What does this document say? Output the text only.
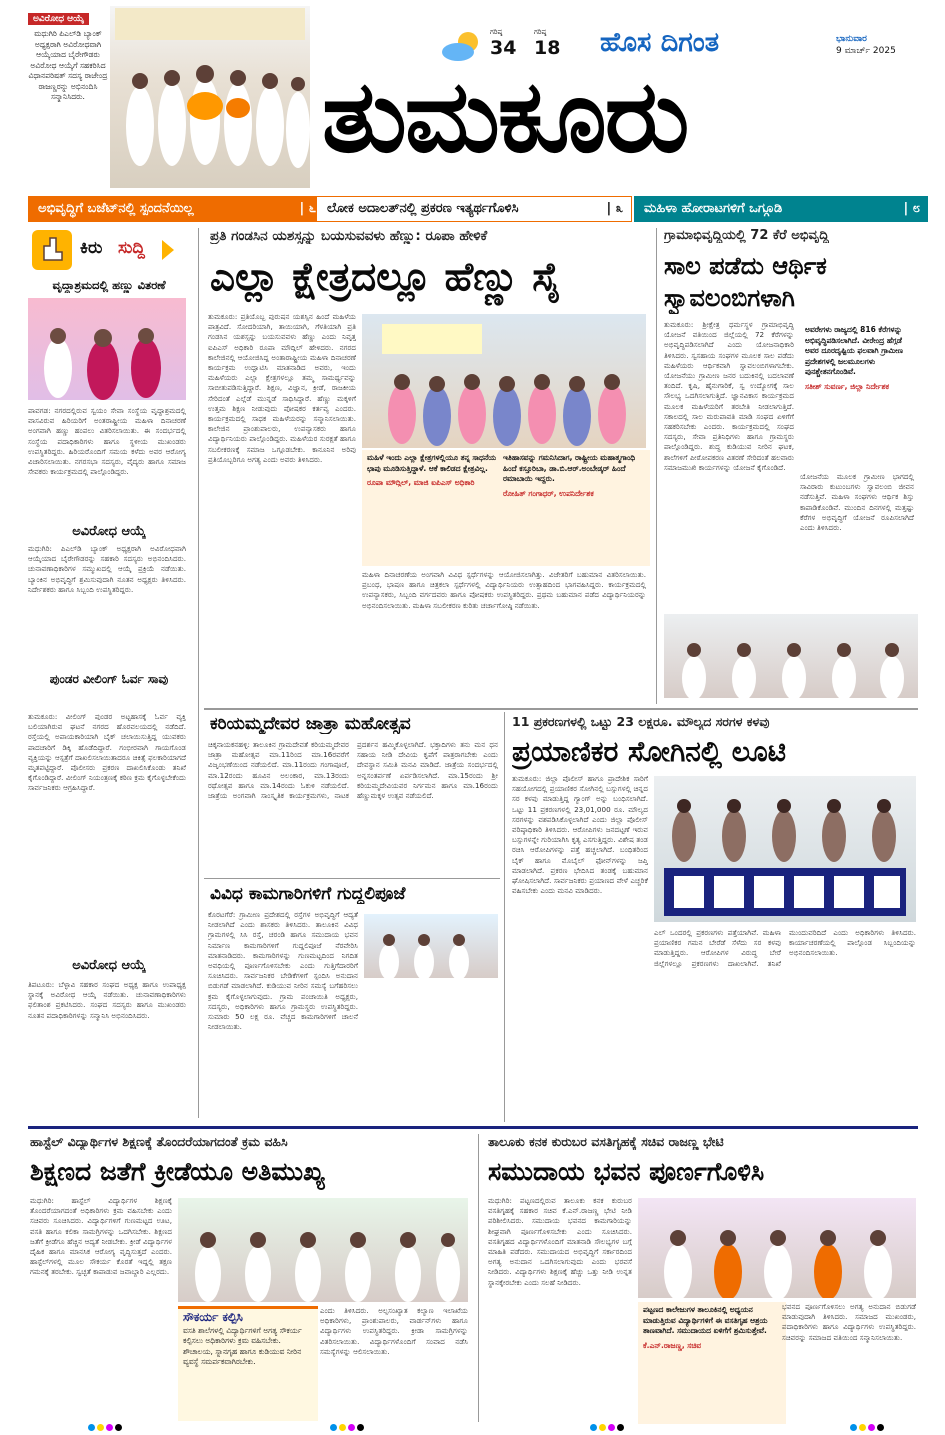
ಅವಿರೋಧ ಆಯ್ಕೆ
ಮಧುಗಿರಿ ಪಿಎಲ್‌ಡಿ ಬ್ಯಾಂಕ್ ಅಧ್ಯಕ್ಷರಾಗಿ ಅವಿರೋಧವಾಗಿ ಆಯ್ಕೆಯಾದ ಬೈರೇಗೌಡರು ಅವಿರೋಧ ಆಯ್ಕೆಗೆ ಸಹಕರಿಸಿದ ವಿಧಾನಪರಿಷತ್ ಸದಸ್ಯ ರಾಜೇಂದ್ರ ರಾಜಣ್ಣರನ್ನು ಅಭಿನಂದಿಸಿ ಸನ್ಮಾನಿಸಿದರು.
ಗರಿಷ್ಠ
34
ಗರಿಷ್ಠ
18 ಹೊಸ ದಿಗಂತ	ಭಾನುವಾರ
9 ಮಾರ್ಚ್ 2025
ತುಮಕೂರು
ಅಭಿವೃದ್ಧಿಗೆ ಬಜೆಟ್‌ನಲ್ಲಿ ಸ್ಪಂದನೆಯಿಲ್ಲ	| ೬ ಲೋಕ ಅದಾಲತ್‌ನಲ್ಲಿ ಪ್ರಕರಣ ಇತ್ಯರ್ಥಗೊಳಿಸಿ	| ೩	ಮಹಿಳಾ ಹೋರಾಟಗಳಿಗೆ ಒಗ್ಗೂಡಿ	| ೮
ಕಿರು ಸುದ್ದಿ
ವೃದ್ಧಾಶ್ರಮದಲ್ಲಿ ಹಣ್ಣು ವಿತರಣೆ
ಪಾವಗಡ: ನಗರದಲ್ಲಿರುವ ಸ್ವಯಂ ಸೇವಾ ಸಂಸ್ಥೆಯ ವೃದ್ಧಾಶ್ರಮದಲ್ಲಿ ವಾಸವಿರುವ ಹಿರಿಯರಿಗೆ ಅಂತರಾಷ್ಟ್ರೀಯ ಮಹಿಳಾ ದಿನಾಚರಣೆ ಅಂಗವಾಗಿ ಹಣ್ಣು ಹಂಪಲು ವಿತರಿಸಲಾಯಿತು. ಈ ಸಂದರ್ಭದಲ್ಲಿ ಸಂಸ್ಥೆಯ ಪದಾಧಿಕಾರಿಗಳು ಹಾಗೂ ಸ್ಥಳೀಯ ಮುಖಂಡರು ಉಪಸ್ಥಿತರಿದ್ದರು. ಹಿರಿಯರೊಂದಿಗೆ ಸಮಯ ಕಳೆದು ಅವರ ಆರೋಗ್ಯ ವಿಚಾರಿಸಲಾಯಿತು. ನಗರಸಭಾ ಸದಸ್ಯರು, ವೈದ್ಯರು ಹಾಗೂ ಸಮಾಜ ಸೇವಕರು ಕಾರ್ಯಕ್ರಮದಲ್ಲಿ ಪಾಲ್ಗೊಂಡಿದ್ದರು.
ಅವಿರೋಧ ಆಯ್ಕೆ
ಮಧುಗಿರಿ: ಪಿಎಲ್‌ಡಿ ಬ್ಯಾಂಕ್ ಅಧ್ಯಕ್ಷರಾಗಿ ಅವಿರೋಧವಾಗಿ ಆಯ್ಕೆಯಾದ ಬೈರೇಗೌಡರನ್ನು ಸಹಕಾರಿ ಸದಸ್ಯರು ಅಭಿನಂದಿಸಿದರು. ಚುನಾವಣಾಧಿಕಾರಿಗಳ ಸಮ್ಮುಖದಲ್ಲಿ ಆಯ್ಕೆ ಪ್ರಕ್ರಿಯೆ ನಡೆಯಿತು. ಬ್ಯಾಂಕಿನ ಅಭಿವೃದ್ಧಿಗೆ ಶ್ರಮಿಸುವುದಾಗಿ ನೂತನ ಅಧ್ಯಕ್ಷರು ತಿಳಿಸಿದರು. ನಿರ್ದೇಶಕರು ಹಾಗೂ ಸಿಬ್ಬಂದಿ ಉಪಸ್ಥಿತರಿದ್ದರು.
ಪುಂಡರ ವೀಲಿಂಗ್ ಓರ್ವ ಸಾವು
ತುಮಕೂರು: ವೀಲಿಂಗ್ ಪುಂಡರ ಅಟ್ಟಹಾಸಕ್ಕೆ ಓರ್ವ ವ್ಯಕ್ತಿ ಬಲಿಯಾಗಿರುವ ಘಟನೆ ನಗರದ ಹೊರವಲಯದಲ್ಲಿ ನಡೆದಿದೆ. ರಸ್ತೆಯಲ್ಲಿ ಅಪಾಯಕಾರಿಯಾಗಿ ಬೈಕ್ ಚಲಾಯಿಸುತ್ತಿದ್ದ ಯುವಕರು ಪಾದಚಾರಿಗೆ ಡಿಕ್ಕಿ ಹೊಡೆದಿದ್ದಾರೆ. ಗಂಭೀರವಾಗಿ ಗಾಯಗೊಂಡ ವ್ಯಕ್ತಿಯನ್ನು ಆಸ್ಪತ್ರೆಗೆ ದಾಖಲಿಸಲಾಯಿತಾದರೂ ಚಿಕಿತ್ಸೆ ಫಲಕಾರಿಯಾಗದೆ ಮೃತಪಟ್ಟಿದ್ದಾರೆ. ಪೊಲೀಸರು ಪ್ರಕರಣ ದಾಖಲಿಸಿಕೊಂಡು ತನಿಖೆ ಕೈಗೊಂಡಿದ್ದಾರೆ. ವೀಲಿಂಗ್ ನಿಯಂತ್ರಣಕ್ಕೆ ಕಠಿಣ ಕ್ರಮ ಕೈಗೊಳ್ಳಬೇಕೆಂದು ಸಾರ್ವಜನಿಕರು ಆಗ್ರಹಿಸಿದ್ದಾರೆ.
ಅವಿರೋಧ ಆಯ್ಕೆ
ತಿಪಟೂರು: ಬೆಳ್ಳಾವಿ ಸಹಕಾರ ಸಂಘದ ಅಧ್ಯಕ್ಷ ಹಾಗೂ ಉಪಾಧ್ಯಕ್ಷ ಸ್ಥಾನಕ್ಕೆ ಅವಿರೋಧ ಆಯ್ಕೆ ನಡೆಯಿತು. ಚುನಾವಣಾಧಿಕಾರಿಗಳು ಫಲಿತಾಂಶ ಪ್ರಕಟಿಸಿದರು. ಸಂಘದ ಸದಸ್ಯರು ಹಾಗೂ ಮುಖಂಡರು ನೂತನ ಪದಾಧಿಕಾರಿಗಳನ್ನು ಸನ್ಮಾನಿಸಿ ಅಭಿನಂದಿಸಿದರು.
ಪ್ರತಿ ಗಂಡಸಿನ ಯಶಸ್ಸನ್ನು ಬಯಸುವವಳು ಹೆಣ್ಣು: ರೂಪಾ ಹೇಳಿಕೆ
ಎಲ್ಲಾ ಕ್ಷೇತ್ರದಲ್ಲೂ ಹೆಣ್ಣು ಸೈ
ತುಮಕೂರು: ಪ್ರತಿಯೊಬ್ಬ ಪುರುಷನ ಯಶಸ್ಸಿನ ಹಿಂದೆ ಮಹಿಳೆಯ ಪಾತ್ರವಿದೆ. ಸೋದರಿಯಾಗಿ, ತಾಯಿಯಾಗಿ, ಗೆಳತಿಯಾಗಿ ಪ್ರತಿ ಗಂಡಸಿನ ಯಶಸ್ಸನ್ನು ಬಯಸುವವಳು ಹೆಣ್ಣು ಎಂದು ನಿವೃತ್ತ ಐಪಿಎಸ್ ಅಧಿಕಾರಿ ರೂಪಾ ಮೌದ್ಗಿಲ್ ಹೇಳಿದರು. ನಗರದ ಕಾಲೇಜಿನಲ್ಲಿ ಆಯೋಜಿಸಿದ್ದ ಅಂತಾರಾಷ್ಟ್ರೀಯ ಮಹಿಳಾ ದಿನಾಚರಣೆ ಕಾರ್ಯಕ್ರಮ ಉದ್ಘಾಟಿಸಿ ಮಾತನಾಡಿದ ಅವರು, ಇಂದು ಮಹಿಳೆಯರು ಎಲ್ಲಾ ಕ್ಷೇತ್ರಗಳಲ್ಲೂ ತಮ್ಮ ಸಾಮರ್ಥ್ಯವನ್ನು ಸಾಬೀತುಪಡಿಸುತ್ತಿದ್ದಾರೆ. ಶಿಕ್ಷಣ, ವಿಜ್ಞಾನ, ಕ್ರೀಡೆ, ರಾಜಕೀಯ ಸೇರಿದಂತೆ ಎಲ್ಲೆಡೆ ಮುನ್ನಡೆ ಸಾಧಿಸಿದ್ದಾರೆ. ಹೆಣ್ಣು ಮಕ್ಕಳಿಗೆ ಉತ್ತಮ ಶಿಕ್ಷಣ ನೀಡುವುದು ಪೋಷಕರ ಕರ್ತವ್ಯ ಎಂದರು. ಕಾರ್ಯಕ್ರಮದಲ್ಲಿ ಸಾಧಕ ಮಹಿಳೆಯರನ್ನು ಸನ್ಮಾನಿಸಲಾಯಿತು. ಕಾಲೇಜಿನ ಪ್ರಾಂಶುಪಾಲರು, ಉಪನ್ಯಾಸಕರು ಹಾಗೂ ವಿದ್ಯಾರ್ಥಿನಿಯರು ಪಾಲ್ಗೊಂಡಿದ್ದರು. ಮಹಿಳೆಯರ ಸುರಕ್ಷತೆ ಹಾಗೂ ಸಬಲೀಕರಣಕ್ಕೆ ಸಮಾಜ ಒಗ್ಗೂಡಬೇಕು. ಕಾನೂನಿನ ಅರಿವು ಪ್ರತಿಯೊಬ್ಬರಿಗೂ ಅಗತ್ಯ ಎಂದು ಅವರು ತಿಳಿಸಿದರು.	ಮಹಿಳೆ ಇಂದು ಎಲ್ಲಾ ಕ್ಷೇತ್ರಗಳಲ್ಲಿಯೂ ತನ್ನ ಸಾಧನೆಯ ಛಾಪು ಮೂಡಿಸುತ್ತಿದ್ದಾಳೆ. ಆಕೆ ಕಾಲಿಡದ ಕ್ಷೇತ್ರವಿಲ್ಲ.
ರೂಪಾ ಮೌದ್ಗಿಲ್, ಮಾಜಿ ಐಪಿಎಸ್ ಅಧಿಕಾರಿ
ಇತಿಹಾಸವನ್ನು ಗಮನಿಸಿದಾಗ, ರಾಷ್ಟ್ರೀಯ ಮಹಾತ್ಮಗಾಂಧಿ ಹಿಂದೆ ಕಸ್ತೂರಿಬಾ, ಡಾ.ಬಿ.ಆರ್.ಅಂಬೇಡ್ಕರ್ ಹಿಂದೆ ರಮಾಬಾಯಿ ಇದ್ದರು.
ರೋಹಿತ್ ಗಂಗಾಧರ್, ಉಪನಿರ್ದೇಶಕ
ಮಹಿಳಾ ದಿನಾಚರಣೆಯ ಅಂಗವಾಗಿ ವಿವಿಧ ಸ್ಪರ್ಧೆಗಳನ್ನು ಆಯೋಜಿಸಲಾಗಿತ್ತು. ವಿಜೇತರಿಗೆ ಬಹುಮಾನ ವಿತರಿಸಲಾಯಿತು. ಪ್ರಬಂಧ, ಭಾಷಣ ಹಾಗೂ ಚಿತ್ರಕಲಾ ಸ್ಪರ್ಧೆಗಳಲ್ಲಿ ವಿದ್ಯಾರ್ಥಿನಿಯರು ಉತ್ಸಾಹದಿಂದ ಭಾಗವಹಿಸಿದ್ದರು. ಕಾರ್ಯಕ್ರಮದಲ್ಲಿ ಉಪನ್ಯಾಸಕರು, ಸಿಬ್ಬಂದಿ ವರ್ಗದವರು ಹಾಗೂ ಪೋಷಕರು ಉಪಸ್ಥಿತರಿದ್ದರು. ಪ್ರಥಮ ಬಹುಮಾನ ಪಡೆದ ವಿದ್ಯಾರ್ಥಿನಿಯರನ್ನು ಅಭಿನಂದಿಸಲಾಯಿತು. ಮಹಿಳಾ ಸಬಲೀಕರಣ ಕುರಿತು ಚರ್ಚಾಗೋಷ್ಠಿ ನಡೆಯಿತು.
ಗ್ರಾಮಾಭಿವೃದ್ಧಿಯಲ್ಲಿ 72 ಕೆರೆ ಅಭಿವೃದ್ಧಿ
ಸಾಲ ಪಡೆದು ಆರ್ಥಿಕ
ಸ್ವಾವಲಂಬಿಗಳಾಗಿ
ತುಮಕೂರು: ಶ್ರೀಕ್ಷೇತ್ರ ಧರ್ಮಸ್ಥಳ ಗ್ರಾಮಾಭಿವೃದ್ಧಿ ಯೋಜನೆ ವತಿಯಿಂದ ಜಿಲ್ಲೆಯಲ್ಲಿ 72 ಕೆರೆಗಳನ್ನು ಅಭಿವೃದ್ಧಿಪಡಿಸಲಾಗಿದೆ ಎಂದು ಯೋಜನಾಧಿಕಾರಿ ತಿಳಿಸಿದರು. ಸ್ವಸಹಾಯ ಸಂಘಗಳ ಮೂಲಕ ಸಾಲ ಪಡೆದು ಮಹಿಳೆಯರು ಆರ್ಥಿಕವಾಗಿ ಸ್ವಾವಲಂಬಿಗಳಾಗಬೇಕು. ಯೋಜನೆಯು ಗ್ರಾಮೀಣ ಜನರ ಬದುಕಿನಲ್ಲಿ ಬದಲಾವಣೆ ತಂದಿದೆ. ಕೃಷಿ, ಹೈನುಗಾರಿಕೆ, ಸ್ವ ಉದ್ಯೋಗಕ್ಕೆ ಸಾಲ ಸೌಲಭ್ಯ ಒದಗಿಸಲಾಗುತ್ತಿದೆ. ಜ್ಞಾನವಿಕಾಸ ಕಾರ್ಯಕ್ರಮದ ಮೂಲಕ ಮಹಿಳೆಯರಿಗೆ ತರಬೇತಿ ನೀಡಲಾಗುತ್ತಿದೆ. ಸಕಾಲದಲ್ಲಿ ಸಾಲ ಮರುಪಾವತಿ ಮಾಡಿ ಸಂಘದ ಏಳಿಗೆಗೆ ಸಹಕರಿಸಬೇಕು ಎಂದರು. ಕಾರ್ಯಕ್ರಮದಲ್ಲಿ ಸಂಘದ ಸದಸ್ಯರು, ಸೇವಾ ಪ್ರತಿನಿಧಿಗಳು ಹಾಗೂ ಗ್ರಾಮಸ್ಥರು ಪಾಲ್ಗೊಂಡಿದ್ದರು. ಶುದ್ಧ ಕುಡಿಯುವ ನೀರಿನ ಘಟಕ, ಶಾಲೆಗಳಿಗೆ ಪೀಠೋಪಕರಣ ವಿತರಣೆ ಸೇರಿದಂತೆ ಹಲವಾರು ಸಮಾಜಮುಖಿ ಕಾರ್ಯಗಳನ್ನು ಯೋಜನೆ ಕೈಗೊಂಡಿದೆ.
ಅವರೇಗಳು ರಾಜ್ಯದಲ್ಲಿ 816 ಕೆರೆಗಳನ್ನು ಅಭಿವೃದ್ಧಿಪಡಿಸಲಾಗಿದೆ. ವೀರೇಂದ್ರ ಹೆಗ್ಗಡೆ ಅವರ ದೂರದೃಷ್ಟಿಯ ಫಲವಾಗಿ ಗ್ರಾಮೀಣ ಪ್ರದೇಶಗಳಲ್ಲಿ ಜಲಮೂಲಗಳು ಪುನಶ್ಚೇತನಗೊಂಡಿವೆ.
ಸತೀಶ್ ಸುವರ್ಣ, ಜಿಲ್ಲಾ ನಿರ್ದೇಶಕ
ಯೋಜನೆಯ ಮೂಲಕ ಗ್ರಾಮೀಣ ಭಾಗದಲ್ಲಿ ಸಾವಿರಾರು ಕುಟುಂಬಗಳು ಸ್ವಾವಲಂಬಿ ಜೀವನ ನಡೆಸುತ್ತಿವೆ. ಮಹಿಳಾ ಸಂಘಗಳು ಆರ್ಥಿಕ ಶಿಸ್ತು ಕಾಪಾಡಿಕೊಂಡಿವೆ. ಮುಂದಿನ ದಿನಗಳಲ್ಲಿ ಮತ್ತಷ್ಟು ಕೆರೆಗಳ ಅಭಿವೃದ್ಧಿಗೆ ಯೋಜನೆ ರೂಪಿಸಲಾಗಿದೆ ಎಂದು ತಿಳಿಸಿದರು.
ಕರಿಯಮ್ಮದೇವರ ಜಾತ್ರಾ ಮಹೋತ್ಸವ
ಚಿಕ್ಕನಾಯಕನಹಳ್ಳಿ: ತಾಲೂಕಿನ ಗ್ರಾಮದೇವತೆ ಕರಿಯಮ್ಮದೇವರ ಜಾತ್ರಾ ಮಹೋತ್ಸವ ಮಾ.11ರಿಂದ ಮಾ.16ರವರೆಗೆ ವಿಜೃಂಭಣೆಯಿಂದ ನಡೆಯಲಿದೆ. ಮಾ.11ರಂದು ಗಂಗಾಪೂಜೆ, ಮಾ.12ರಂದು ಹೂವಿನ ಅಲಂಕಾರ, ಮಾ.13ರಂದು ರಥೋತ್ಸವ ಹಾಗೂ ಮಾ.14ರಂದು ಓಕುಳಿ ನಡೆಯಲಿದೆ. ಜಾತ್ರೆಯ ಅಂಗವಾಗಿ ಸಾಂಸ್ಕೃತಿಕ ಕಾರ್ಯಕ್ರಮಗಳು, ನಾಟಕ ಪ್ರದರ್ಶನ ಹಮ್ಮಿಕೊಳ್ಳಲಾಗಿದೆ. ಭಕ್ತಾದಿಗಳು ತನು ಮನ ಧನ ಸಹಾಯ ನೀಡಿ ದೇವಿಯ ಕೃಪೆಗೆ ಪಾತ್ರರಾಗಬೇಕು ಎಂದು ದೇವಸ್ಥಾನ ಸಮಿತಿ ಮನವಿ ಮಾಡಿದೆ. ಜಾತ್ರೆಯ ಸಂದರ್ಭದಲ್ಲಿ ಅನ್ನಸಂತರ್ಪಣೆ ಏರ್ಪಡಿಸಲಾಗಿದೆ. ಮಾ.15ರಂದು ಶ್ರೀ ಕರಿಯಮ್ಮದೇವಿಯವರ ನಿರ್ಗಮನ ಹಾಗೂ ಮಾ.16ರಂದು ಹೆಣ್ಣುಮಕ್ಕಳ ಉತ್ಸವ ನಡೆಯಲಿದೆ.
ವಿವಿಧ ಕಾಮಗಾರಿಗಳಿಗೆ ಗುದ್ದಲಿಪೂಜೆ
ಕೊರಟಗೆರೆ: ಗ್ರಾಮೀಣ ಪ್ರದೇಶದಲ್ಲಿ ರಸ್ತೆಗಳ ಅಭಿವೃದ್ಧಿಗೆ ಆದ್ಯತೆ ನೀಡಲಾಗಿದೆ ಎಂದು ಶಾಸಕರು ತಿಳಿಸಿದರು. ತಾಲೂಕಿನ ವಿವಿಧ ಗ್ರಾಮಗಳಲ್ಲಿ ಸಿಸಿ ರಸ್ತೆ, ಚರಂಡಿ ಹಾಗೂ ಸಮುದಾಯ ಭವನ ನಿರ್ಮಾಣ ಕಾಮಗಾರಿಗಳಿಗೆ ಗುದ್ದಲಿಪೂಜೆ ನೆರವೇರಿಸಿ ಮಾತನಾಡಿದರು. ಕಾಮಗಾರಿಗಳನ್ನು ಗುಣಮಟ್ಟದಿಂದ ನಿಗದಿತ ಅವಧಿಯಲ್ಲಿ ಪೂರ್ಣಗೊಳಿಸಬೇಕು ಎಂದು ಗುತ್ತಿಗೆದಾರರಿಗೆ ಸೂಚಿಸಿದರು. ಸಾರ್ವಜನಿಕರ ಬೇಡಿಕೆಗಳಿಗೆ ಸ್ಪಂದಿಸಿ ಅನುದಾನ ಬಿಡುಗಡೆ ಮಾಡಲಾಗಿದೆ. ಕುಡಿಯುವ ನೀರಿನ ಸಮಸ್ಯೆ ಬಗೆಹರಿಸಲು ಕ್ರಮ ಕೈಗೊಳ್ಳಲಾಗುವುದು. ಗ್ರಾಮ ಪಂಚಾಯಿತಿ ಅಧ್ಯಕ್ಷರು, ಸದಸ್ಯರು, ಅಧಿಕಾರಿಗಳು ಹಾಗೂ ಗ್ರಾಮಸ್ಥರು ಉಪಸ್ಥಿತರಿದ್ದರು. ಸುಮಾರು 50 ಲಕ್ಷ ರೂ. ವೆಚ್ಚದ ಕಾಮಗಾರಿಗಳಿಗೆ ಚಾಲನೆ ನೀಡಲಾಯಿತು.
11 ಪ್ರಕರಣಗಳಲ್ಲಿ ಒಟ್ಟು 23 ಲಕ್ಷರೂ. ಮೌಲ್ಯದ ಸರಗಳ ಕಳವು
ಪ್ರಯಾಣಿಕರ ಸೋಗಿನಲ್ಲಿ ಲೂಟಿ
ತುಮಕೂರು: ಜಿಲ್ಲಾ ಪೊಲೀಸ್ ಹಾಗೂ ಪ್ರಾದೇಶಿಕ ಸಾರಿಗೆ ಸಹಯೋಗದಲ್ಲಿ ಪ್ರಯಾಣಿಕರ ಸೋಗಿನಲ್ಲಿ ಬಸ್ಸುಗಳಲ್ಲಿ ಚಿನ್ನದ ಸರ ಕಳವು ಮಾಡುತ್ತಿದ್ದ ಗ್ಯಾಂಗ್ ಅನ್ನು ಬಂಧಿಸಲಾಗಿದೆ. ಒಟ್ಟು 11 ಪ್ರಕರಣಗಳಲ್ಲಿ 23,01,000 ರೂ. ಮೌಲ್ಯದ ಸರಗಳನ್ನು ವಶಪಡಿಸಿಕೊಳ್ಳಲಾಗಿದೆ ಎಂದು ಜಿಲ್ಲಾ ಪೊಲೀಸ್ ವರಿಷ್ಠಾಧಿಕಾರಿ ತಿಳಿಸಿದರು. ಆರೋಪಿಗಳು ಜನದಟ್ಟಣೆ ಇರುವ ಬಸ್ಸುಗಳನ್ನೇ ಗುರಿಯಾಗಿಸಿ ಕೃತ್ಯ ಎಸಗುತ್ತಿದ್ದರು. ವಿಶೇಷ ತಂಡ ರಚಿಸಿ ಆರೋಪಿಗಳನ್ನು ಪತ್ತೆ ಹಚ್ಚಲಾಗಿದೆ. ಬಂಧಿತರಿಂದ ಬೈಕ್ ಹಾಗೂ ಮೊಬೈಲ್ ಫೋನ್‌ಗಳನ್ನು ಜಪ್ತಿ ಮಾಡಲಾಗಿದೆ. ಪ್ರಕರಣ ಭೇದಿಸಿದ ತಂಡಕ್ಕೆ ಬಹುಮಾನ ಘೋಷಿಸಲಾಗಿದೆ. ಸಾರ್ವಜನಿಕರು ಪ್ರಯಾಣದ ವೇಳೆ ಎಚ್ಚರಿಕೆ ವಹಿಸಬೇಕು ಎಂದು ಮನವಿ ಮಾಡಿದರು.
ಎಲ್ ಒಂದರಲ್ಲಿ ಪ್ರಕರಣಗಳು ಪತ್ತೆಯಾಗಿವೆ. ಮಹಿಳಾ ಪ್ರಯಾಣಿಕರ ಗಮನ ಬೇರೆಡೆ ಸೆಳೆದು ಸರ ಕಳವು ಮಾಡುತ್ತಿದ್ದರು. ಆರೋಪಿಗಳ ವಿರುದ್ಧ ಬೇರೆ ಜಿಲ್ಲೆಗಳಲ್ಲೂ ಪ್ರಕರಣಗಳು ದಾಖಲಾಗಿವೆ. ತನಿಖೆ ಮುಂದುವರಿದಿದೆ ಎಂದು ಅಧಿಕಾರಿಗಳು ತಿಳಿಸಿದರು. ಕಾರ್ಯಾಚರಣೆಯಲ್ಲಿ ಪಾಲ್ಗೊಂಡ ಸಿಬ್ಬಂದಿಯನ್ನು ಅಭಿನಂದಿಸಲಾಯಿತು.
ಹಾಸ್ಟೆಲ್ ವಿದ್ಯಾರ್ಥಿಗಳ ಶಿಕ್ಷಣಕ್ಕೆ ತೊಂದರೆಯಾಗದಂತೆ ಕ್ರಮ ವಹಿಸಿ
ಶಿಕ್ಷಣದ ಜತೆಗೆ ಕ್ರೀಡೆಯೂ ಅತಿಮುಖ್ಯ
ಮಧುಗಿರಿ: ಹಾಸ್ಟೆಲ್ ವಿದ್ಯಾರ್ಥಿಗಳ ಶಿಕ್ಷಣಕ್ಕೆ ತೊಂದರೆಯಾಗದಂತೆ ಅಧಿಕಾರಿಗಳು ಕ್ರಮ ವಹಿಸಬೇಕು ಎಂದು ಸಚಿವರು ಸೂಚಿಸಿದರು. ವಿದ್ಯಾರ್ಥಿಗಳಿಗೆ ಗುಣಮಟ್ಟದ ಊಟ, ವಸತಿ ಹಾಗೂ ಕಲಿಕಾ ಸಾಮಗ್ರಿಗಳನ್ನು ಒದಗಿಸಬೇಕು. ಶಿಕ್ಷಣದ ಜತೆಗೆ ಕ್ರೀಡೆಗೂ ಹೆಚ್ಚಿನ ಆದ್ಯತೆ ನೀಡಬೇಕು. ಕ್ರೀಡೆ ವಿದ್ಯಾರ್ಥಿಗಳ ದೈಹಿಕ ಹಾಗೂ ಮಾನಸಿಕ ಆರೋಗ್ಯ ವೃದ್ಧಿಸುತ್ತದೆ ಎಂದರು. ಹಾಸ್ಟೆಲ್‌ಗಳಲ್ಲಿ ಮೂಲ ಸೌಕರ್ಯ ಕೊರತೆ ಇದ್ದಲ್ಲಿ ತಕ್ಷಣ ಗಮನಕ್ಕೆ ತರಬೇಕು. ಸ್ವಚ್ಛತೆ ಕಾಪಾಡುವ ಜವಾಬ್ದಾರಿ ಎಲ್ಲರದು.
ಸೌಕರ್ಯ ಕಲ್ಪಿಸಿ
ವಸತಿ ಶಾಲೆಗಳಲ್ಲಿ ವಿದ್ಯಾರ್ಥಿಗಳಿಗೆ ಅಗತ್ಯ ಸೌಕರ್ಯ ಕಲ್ಪಿಸಲು ಅಧಿಕಾರಿಗಳು ಕ್ರಮ ವಹಿಸಬೇಕು. ಶೌಚಾಲಯ, ಸ್ನಾನಗೃಹ ಹಾಗೂ ಕುಡಿಯುವ ನೀರಿನ ವ್ಯವಸ್ಥೆ ಸಮರ್ಪಕವಾಗಿರಬೇಕು.
ಎಂದು ತಿಳಿಸಿದರು. ಅಲ್ಪಸಂಖ್ಯಾತ ಕಲ್ಯಾಣ ಇಲಾಖೆಯ ಅಧಿಕಾರಿಗಳು, ಪ್ರಾಂಶುಪಾಲರು, ವಾರ್ಡನ್‌ಗಳು ಹಾಗೂ ವಿದ್ಯಾರ್ಥಿಗಳು ಉಪಸ್ಥಿತರಿದ್ದರು. ಕ್ರೀಡಾ ಸಾಮಗ್ರಿಗಳನ್ನು ವಿತರಿಸಲಾಯಿತು. ವಿದ್ಯಾರ್ಥಿಗಳೊಂದಿಗೆ ಸಂವಾದ ನಡೆಸಿ ಸಮಸ್ಯೆಗಳನ್ನು ಆಲಿಸಲಾಯಿತು.
ತಾಲೂಕು ಕನಕ ಕುರುಬರ ವಸತಿಗೃಹಕ್ಕೆ ಸಚಿವ ರಾಜಣ್ಣ ಭೇಟಿ
ಸಮುದಾಯ ಭವನ ಪೂರ್ಣಗೊಳಿಸಿ
ಮಧುಗಿರಿ: ಪಟ್ಟಣದಲ್ಲಿರುವ ತಾಲೂಕು ಕನಕ ಕುರುಬರ ವಸತಿಗೃಹಕ್ಕೆ ಸಹಕಾರ ಸಚಿವ ಕೆ.ಎನ್.ರಾಜಣ್ಣ ಭೇಟಿ ನೀಡಿ ಪರಿಶೀಲಿಸಿದರು. ಸಮುದಾಯ ಭವನದ ಕಾಮಗಾರಿಯನ್ನು ಶೀಘ್ರವಾಗಿ ಪೂರ್ಣಗೊಳಿಸಬೇಕು ಎಂದು ಸೂಚಿಸಿದರು. ವಸತಿಗೃಹದ ವಿದ್ಯಾರ್ಥಿಗಳೊಂದಿಗೆ ಮಾತನಾಡಿ ಸೌಲಭ್ಯಗಳ ಬಗ್ಗೆ ಮಾಹಿತಿ ಪಡೆದರು. ಸಮುದಾಯದ ಅಭಿವೃದ್ಧಿಗೆ ಸರ್ಕಾರದಿಂದ ಅಗತ್ಯ ಅನುದಾನ ಒದಗಿಸಲಾಗುವುದು ಎಂದು ಭರವಸೆ ನೀಡಿದರು. ವಿದ್ಯಾರ್ಥಿಗಳು ಶಿಕ್ಷಣಕ್ಕೆ ಹೆಚ್ಚು ಒತ್ತು ನೀಡಿ ಉನ್ನತ ಸ್ಥಾನಕ್ಕೇರಬೇಕು ಎಂದು ಸಲಹೆ ನೀಡಿದರು.
ಪಟ್ಟಣದ ಕಾಲೇಜುಗಳ ತಾಲೂಕಿನಲ್ಲಿ ಅಧ್ಯಯನ ಮಾಡುತ್ತಿರುವ ವಿದ್ಯಾರ್ಥಿಗಳಿಗೆ ಈ ವಸತಿಗೃಹ ಆಶ್ರಯ ತಾಣವಾಗಿದೆ. ಸಮುದಾಯದ ಏಳಿಗೆಗೆ ಶ್ರಮಿಸುತ್ತೇವೆ.
ಕೆ.ಎನ್.ರಾಜಣ್ಣ, ಸಚಿವ
ಭವನದ ಪೂರ್ಣಗೊಳಿಸಲು ಅಗತ್ಯ ಅನುದಾನ ಬಿಡುಗಡೆ ಮಾಡುವುದಾಗಿ ತಿಳಿಸಿದರು. ಸಮಾಜದ ಮುಖಂಡರು, ಪದಾಧಿಕಾರಿಗಳು ಹಾಗೂ ವಿದ್ಯಾರ್ಥಿಗಳು ಉಪಸ್ಥಿತರಿದ್ದರು. ಸಚಿವರನ್ನು ಸಮಾಜದ ವತಿಯಿಂದ ಸನ್ಮಾನಿಸಲಾಯಿತು.
